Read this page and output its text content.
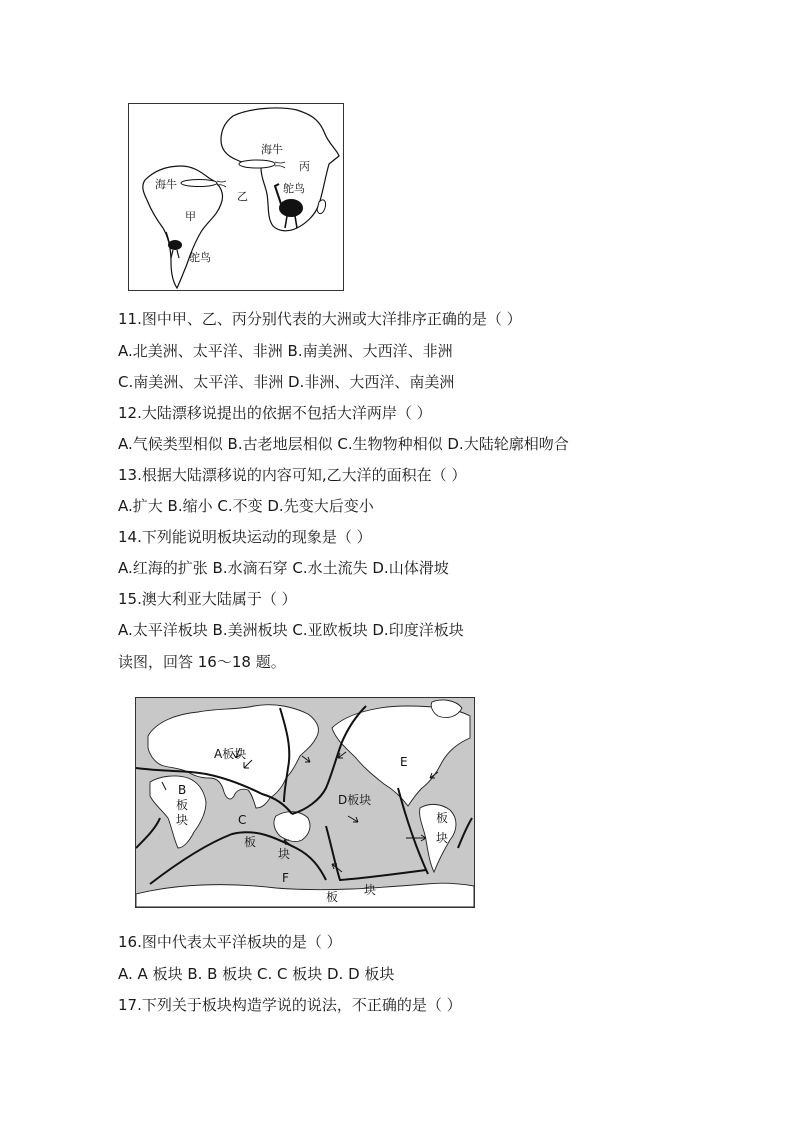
海牛
丙
海牛	鸵鸟
乙
甲
鸵鸟
11.图中甲、乙、丙分别代表的大洲或大洋排序正确的是（ ）
A.北美洲、太平洋、非洲 B.南美洲、大西洋、非洲
C.南美洲、太平洋、非洲 D.非洲、大西洋、南美洲
12.大陆漂移说提出的依据不包括大洋两岸（ ）
A.气候类型相似 B.古老地层相似 C.生物物种相似 D.大陆轮廓相吻合
13.根据大陆漂移说的内容可知,乙大洋的面积在（ ）
A.扩大 B.缩小 C.不变 D.先变大后变小
14.下列能说明板块运动的现象是（ ）
A.红海的扩张 B.水滴石穿 C.水土流失 D.山体滑坡
15.澳大利亚大陆属于（ ）
A.太平洋板块 B.美洲板块 C.亚欧板块 D.印度洋板块
读图，回答 16～18 题。
A板块
B
板
块	C
板
块
D板块
E
板
块
F
板 块
16.图中代表太平洋板块的是（ ）
A. A 板块 B. B 板块 C. C 板块 D. D 板块
17.下列关于板块构造学说的说法，不正确的是（ ）
